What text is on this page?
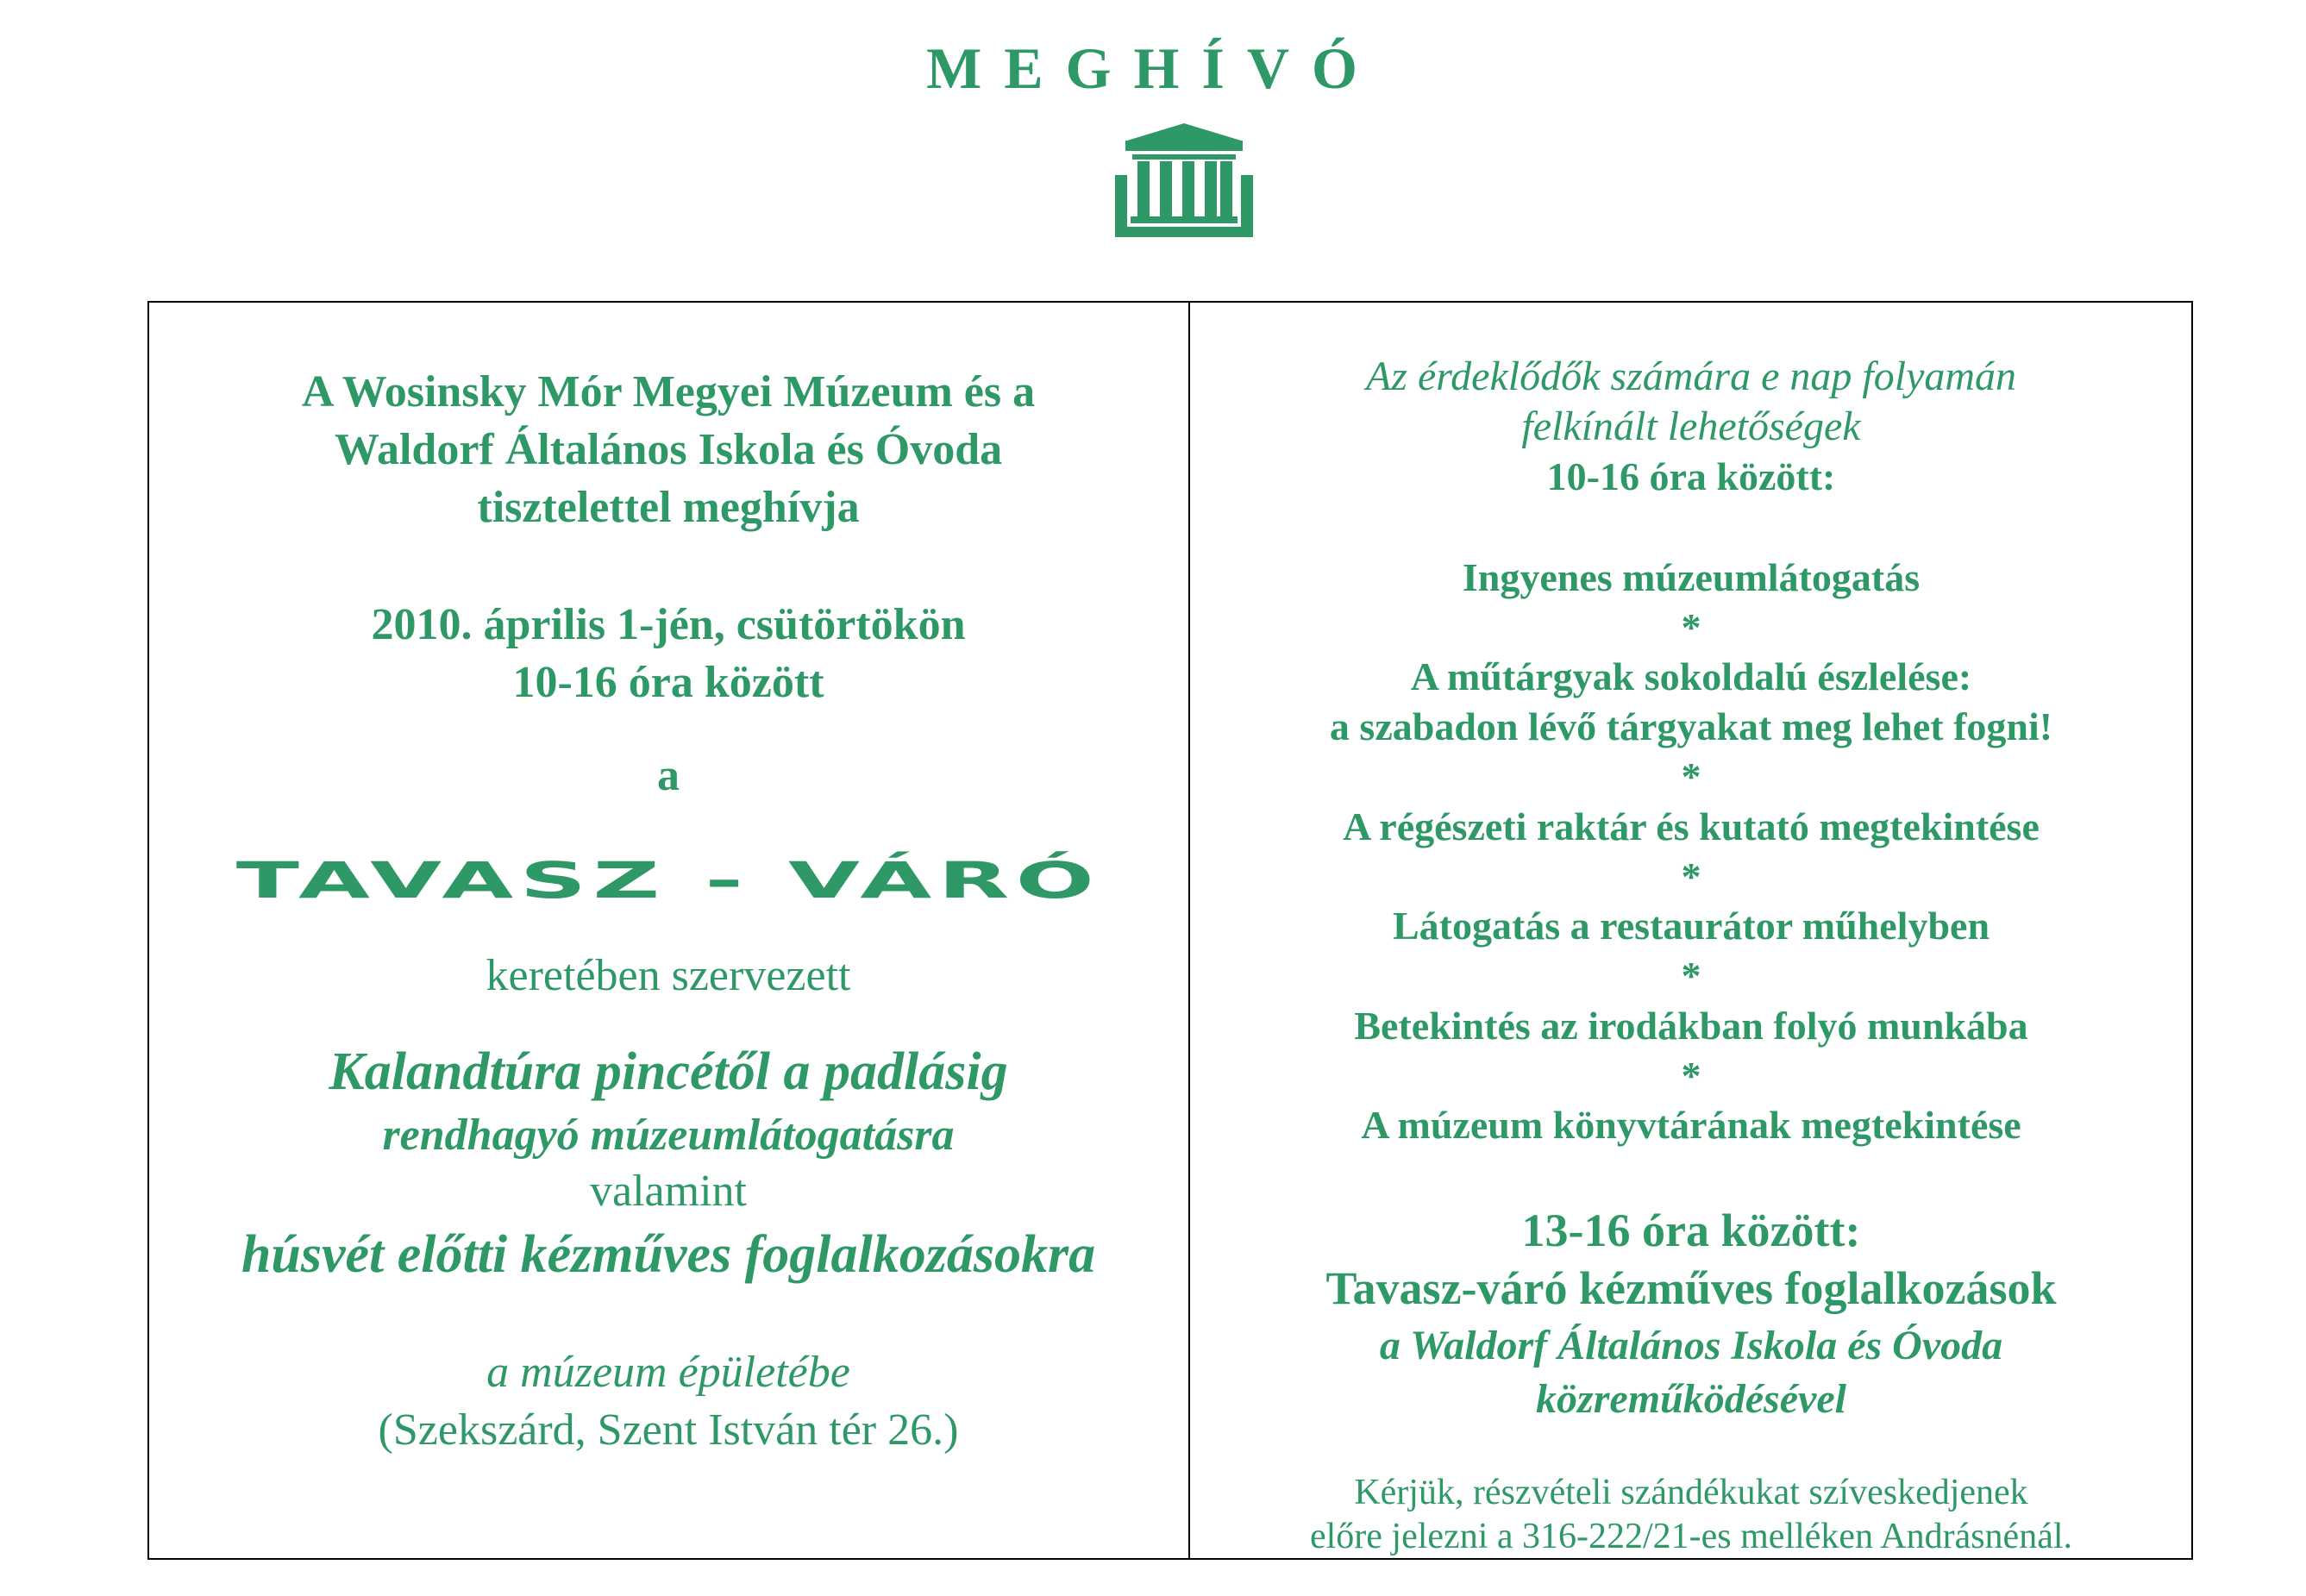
MEGHÍVÓ
A Wosinsky Mór Megyei Múzeum és a
Waldorf Általános Iskola és Óvoda
tisztelettel meghívja
2010. április 1-jén, csütörtökön
10-16 óra között
a
TAVASZ - VÁRÓ
keretében szervezett
Kalandtúra pincétől a padlásig
rendhagyó múzeumlátogatásra
valamint
húsvét előtti kézműves foglalkozásokra
a múzeum épületébe
(Szekszárd, Szent István tér 26.)
Az érdeklődők számára e nap folyamán
felkínált lehetőségek
10-16 óra között:
Ingyenes múzeumlátogatás
*
A műtárgyak sokoldalú észlelése:
a szabadon lévő tárgyakat meg lehet fogni!
*
A régészeti raktár és kutató megtekintése
*
Látogatás a restaurátor műhelyben
*
Betekintés az irodákban folyó munkába
*
A múzeum könyvtárának megtekintése
13-16 óra között:
Tavasz-váró kézműves foglalkozások
a Waldorf Általános Iskola és Óvoda
közreműködésével
Kérjük, részvételi szándékukat szíveskedjenek
előre jelezni a 316-222/21-es melléken Andrásnénál.
